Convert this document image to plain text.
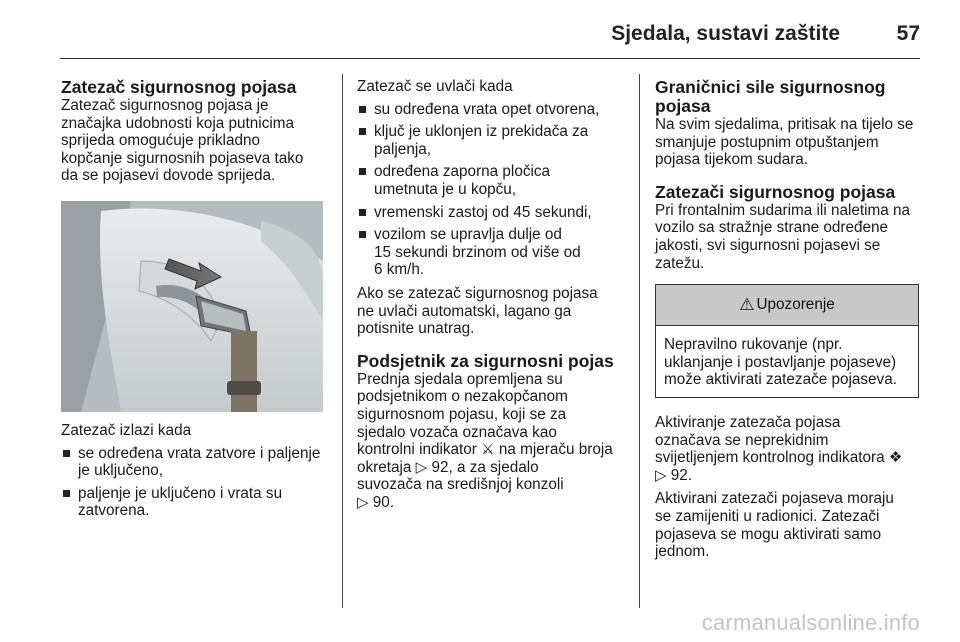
Sjedala, sustavi zaštite	57
Zatezač sigurnosnog pojasa

Zatezač sigurnosnog pojasa je
značajka udobnosti koja putnicima
sprijeda omogućuje prikladno
kopčanje sigurnosnih pojaseva tako
da se pojasevi dovode sprijeda.

Zatezač izlazi kada

se određena vrata zatvore i paljenje
je uključeno,
paljenje je uključeno i vrata su
zatvorena.

Zatezač se uvlači kada

su određena vrata opet otvorena,
ključ je uklonjen iz prekidača za
paljenja,
određena zaporna pločica
umetnuta je u kopču,
vremenski zastoj od 45 sekundi,
vozilom se upravlja dulje od
15 sekundi brzinom od više od
6 km/h.

Ako se zatezač sigurnosnog pojasa
ne uvlači automatski, lagano ga
potisnite unatrag.

Podsjetnik za sigurnosni pojas

Prednja sjedala opremljena su
podsjetnikom o nezakopčanom
sigurnosnom pojasu, koji se za
sjedalo vozača označava kao
kontrolni indikator ⚔ na mjeraču broja
okretaja ▷ 92, a za sjedalo
suvozača na središnjoj konzoli
▷ 90.

Graničnici sile sigurnosnog
pojasa

Na svim sjedalima, pritisak na tijelo se
smanjuje postupnim otpuštanjem
pojasa tijekom sudara.

Zatezači sigurnosnog pojasa

Pri frontalnim sudarima ili naletima na
vozilo sa stražnje strane određene
jakosti, svi sigurnosni pojasevi se
zatežu.

⚠ Upozorenje
Nepravilno rukovanje (npr.
uklanjanje i postavljanje pojaseve)
može aktivirati zatezače pojaseva.

Aktiviranje zatezača pojasa
označava se neprekidnim
svijetljenjem kontrolnog indikatora ❖
▷ 92.

Aktivirani zatezači pojaseva moraju
se zamijeniti u radionici. Zatezači
pojaseva se mogu aktivirati samo
jednom.

carmanualsonline.info
